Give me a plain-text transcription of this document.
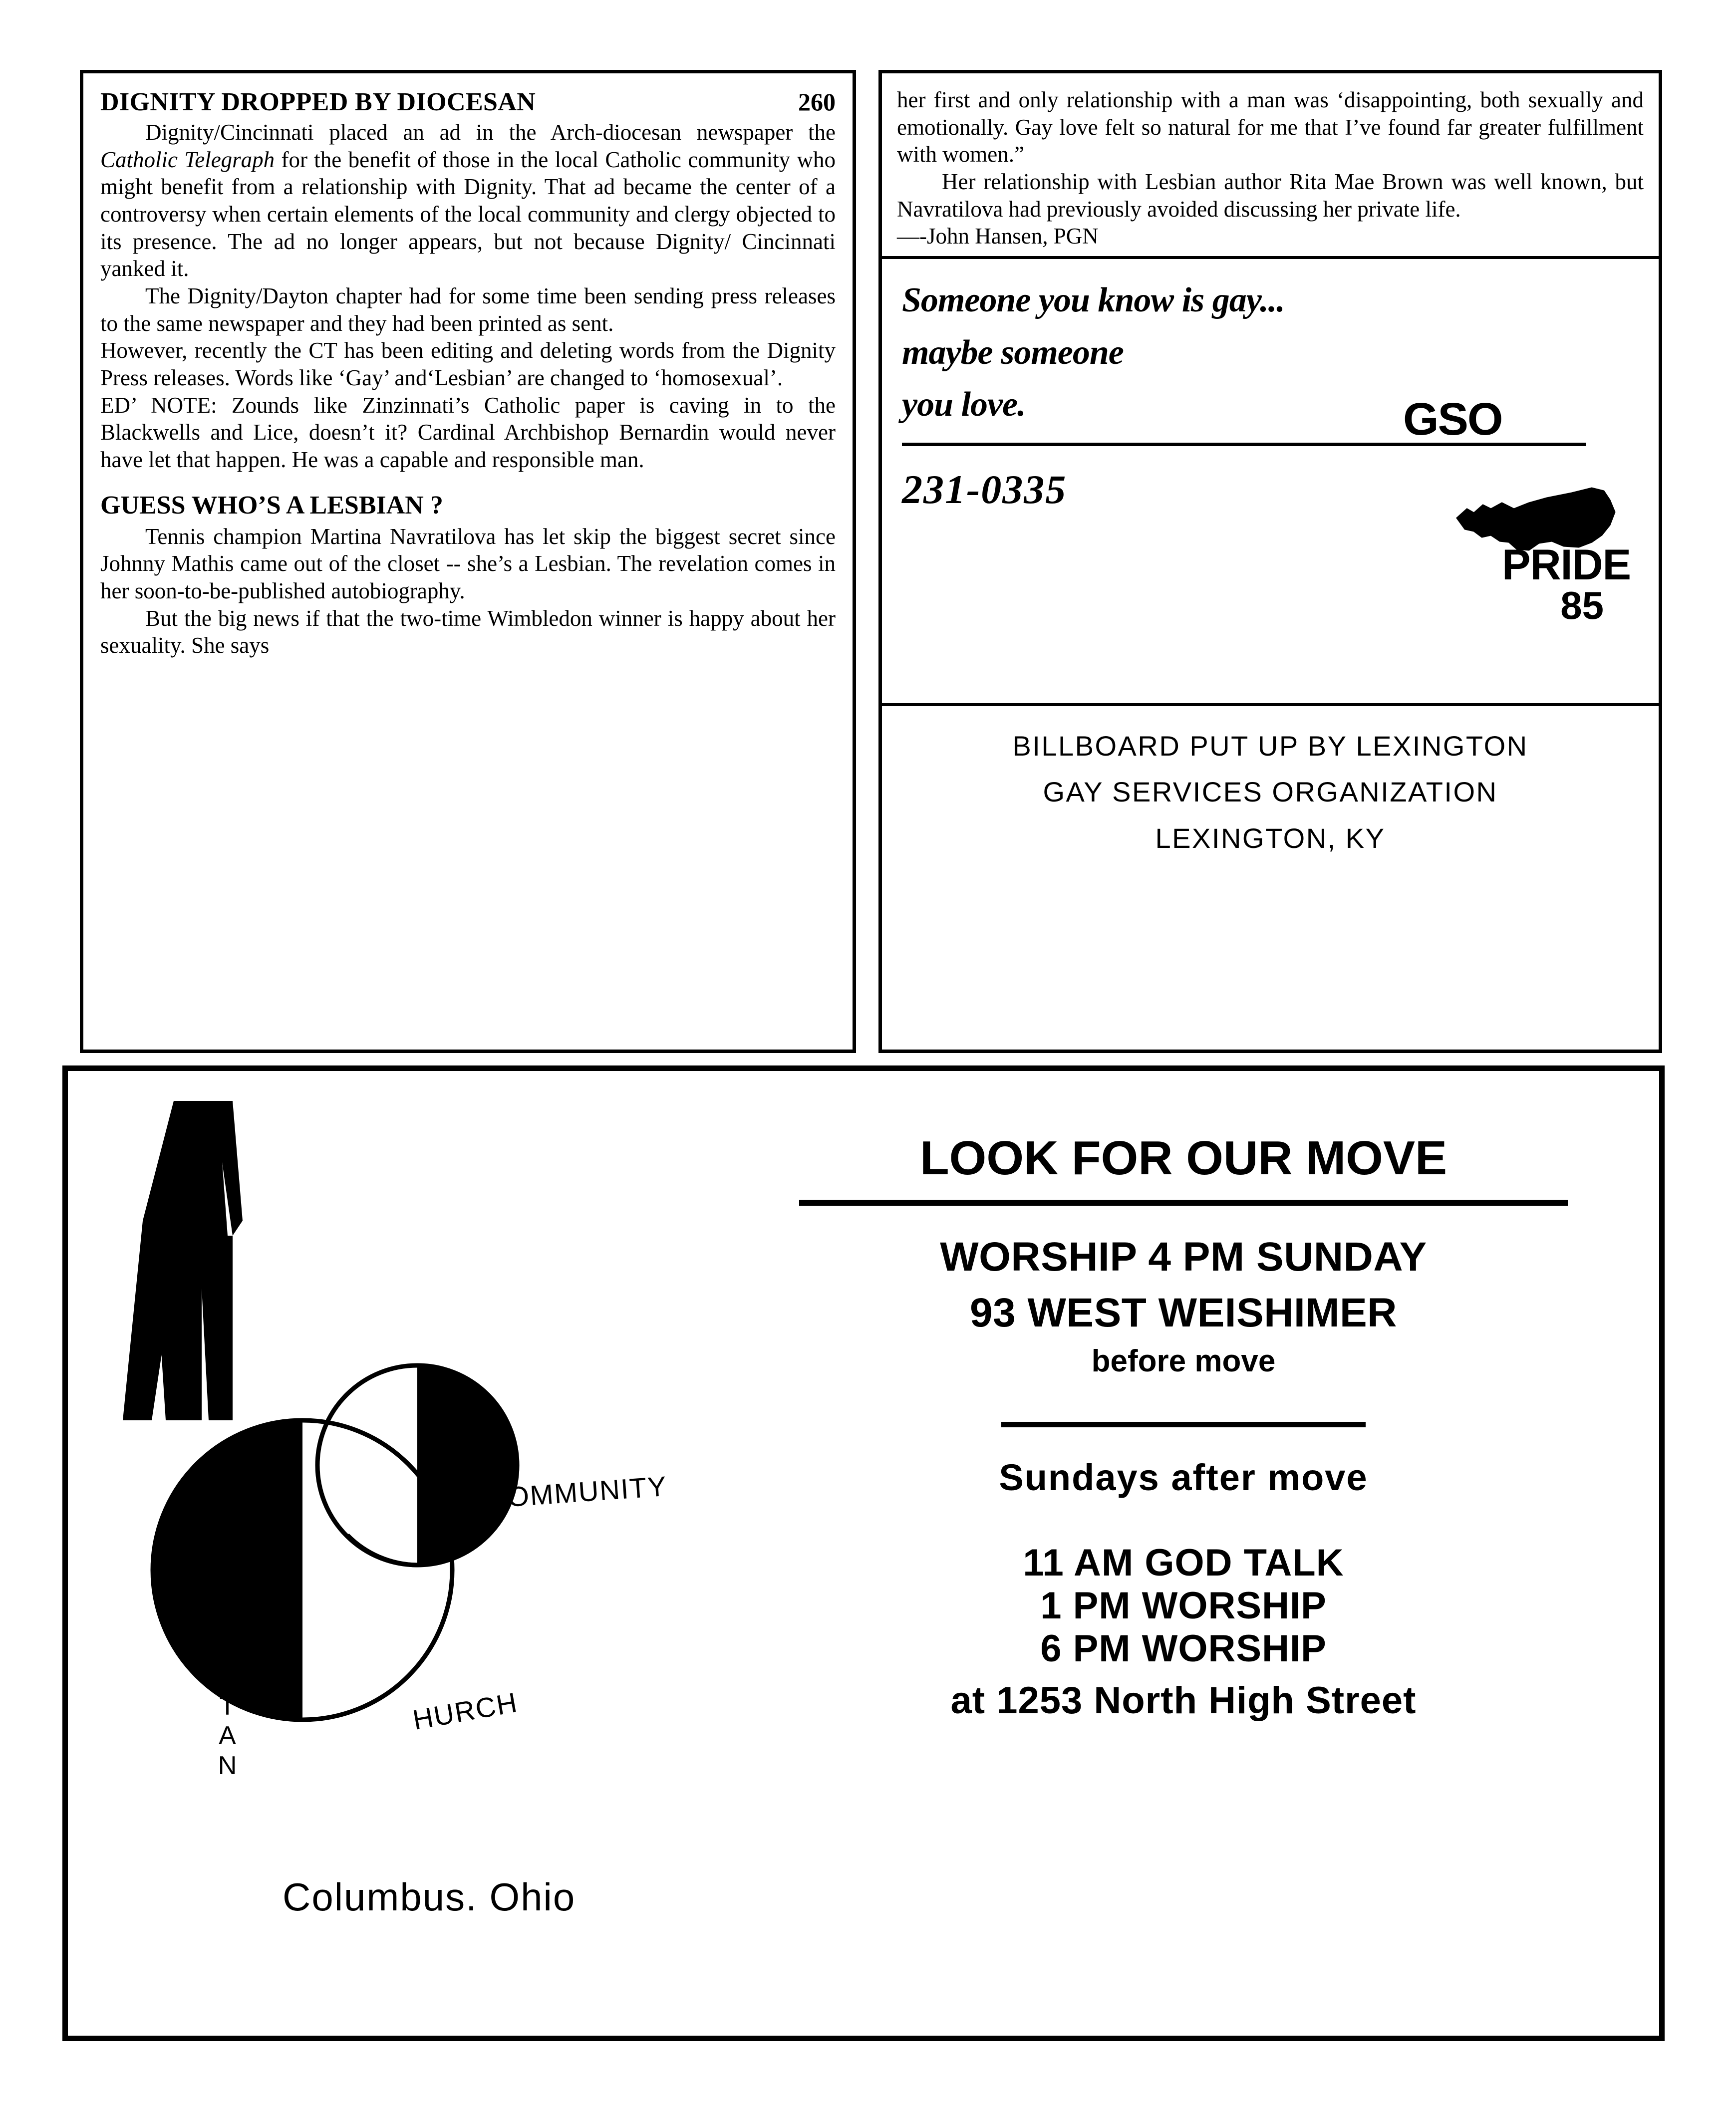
DIGNITY DROPPED BY DIOCESAN	260

Dignity/Cincinnati placed an ad in the Arch-diocesan newspaper the Catholic Telegraph for the benefit of those in the local Catholic community who might benefit from a relationship with Dignity. That ad became the center of a controversy when certain elements of the local community and clergy objected to its presence. The ad no longer appears, but not because Dignity/ Cincinnati yanked it.

The Dignity/Dayton chapter had for some time been sending press releases to the same newspaper and they had been printed as sent.

However, recently the CT has been editing and deleting words from the Dignity Press releases. Words like ‘Gay’ and‘Lesbian’ are changed to ‘homosexual’.

ED’ NOTE: Zounds like Zinzinnati’s Catholic paper is caving in to the Blackwells and Lice, doesn’t it? Cardinal Archbishop Bernardin would never have let that happen. He was a capable and responsible man.

GUESS WHO’S A LESBIAN ?

Tennis champion Martina Navratilova has let skip the biggest secret since Johnny Mathis came out of the closet -- she’s a Lesbian. The revelation comes in her soon-to-be-published autobiography.

But the big news if that the two-time Wimbledon winner is happy about her sexuality. She says

her first and only relationship with a man was ‘disappointing, both sexually and emotionally. Gay love felt so natural for me that I’ve found far greater fulfillment with women.”

Her relationship with Lesbian author Rita Mae Brown was well known, but Navratilova had previously avoided discussing her private life.

—-John Hansen, PGN

Someone you know is gay...
maybe someone
you love.
231-0335
GSO
Lexington
PRIDE
85
BILLBOARD PUT UP BY LEXINGTON
GAY SERVICES ORGANIZATION
LEXINGTON, KY
E
T
R
O
P
O
L
I
T
A
N
OMMUNITY
HURCH
Columbus. Ohio
LOOK FOR OUR MOVE
WORSHIP 4 PM SUNDAY
93 WEST WEISHIMER
before move
Sundays after move
11 AM GOD TALK
1 PM WORSHIP
6 PM WORSHIP
at 1253 North High Street
